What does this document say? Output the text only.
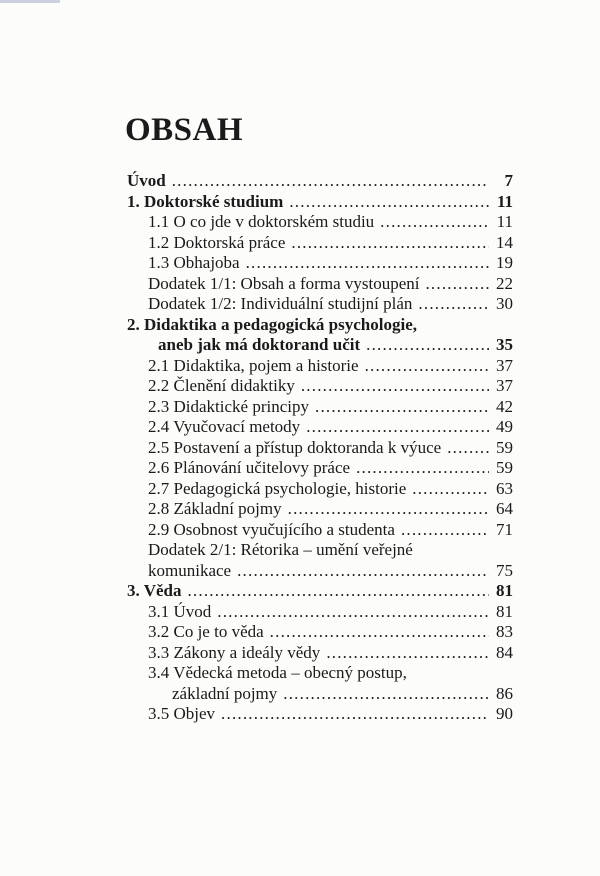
OBSAH
Úvod .....	7
1. Doktorské studium .....	11
1.1 O co jde v doktorském studiu .....	11
1.2 Doktorská práce .....	14
1.3 Obhajoba .....	19
Dodatek 1/1: Obsah a forma vystoupení .....	22
Dodatek 1/2: Individuální studijní plán .....	30
2. Didaktika a pedagogická psychologie,
aneb jak má doktorand učit .....	35
2.1 Didaktika, pojem a historie .....	37
2.2 Členění didaktiky .....	37
2.3 Didaktické principy .....	42
2.4 Vyučovací metody .....	49
2.5 Postavení a přístup doktoranda k výuce .....	59
2.6 Plánování učitelovy práce .....	59
2.7 Pedagogická psychologie, historie .....	63
2.8 Základní pojmy .....	64
2.9 Osobnost vyučujícího a studenta .....	71
Dodatek 2/1: Rétorika – umění veřejné
komunikace .....	75
3. Věda .....	81
3.1 Úvod .....	81
3.2 Co je to věda .....	83
3.3 Zákony a ideály vědy .....	84
3.4 Vědecká metoda – obecný postup,
základní pojmy .....	86
3.5 Objev .....	90
